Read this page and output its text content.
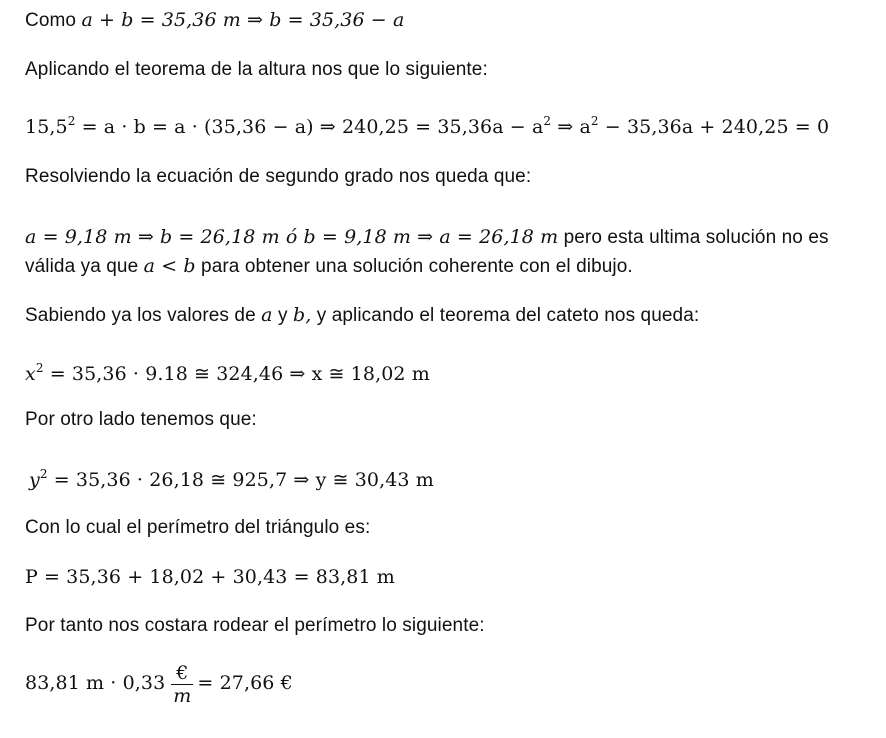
Como a + b = 35,36 m ⇒ b = 35,36 − a
Aplicando el teorema de la altura nos que lo siguiente:
$15,5^2 = a \cdot b = a \cdot (35,36 - a)$ ⇒ $240,25 = 35,36a - a^2$ ⇒ $a^2 - 35,36a + 240,25 = 0$
Resolviendo la ecuación de segundo grado nos queda que:
a = 9,18 m ⇒ b = 26,18 m ó b = 9,18 m ⇒ a = 26,18 m pero esta ultima solución no es
válida ya que a < b para obtener una solución coherente con el dibujo.
Sabiendo ya los valores de a y b, y aplicando el teorema del cateto nos queda:
$x^2 = 35,36 \cdot 9.18$ ≅ 324,46 ⇒ x ≅ 18,02 m
Por otro lado tenemos que:
$y^2 = 35,36 \cdot 26,18$ ≅ 925,7 ⇒ y ≅ 30,43 m
Con lo cual el perímetro del triángulo es:
P = 35,36 + 18,02 + 30,43 = 83,81 m
Por tanto nos costara rodear el perímetro lo siguiente:
83,81 $m \cdot 0,33 \frac{€}{m} = 27,66$ €
